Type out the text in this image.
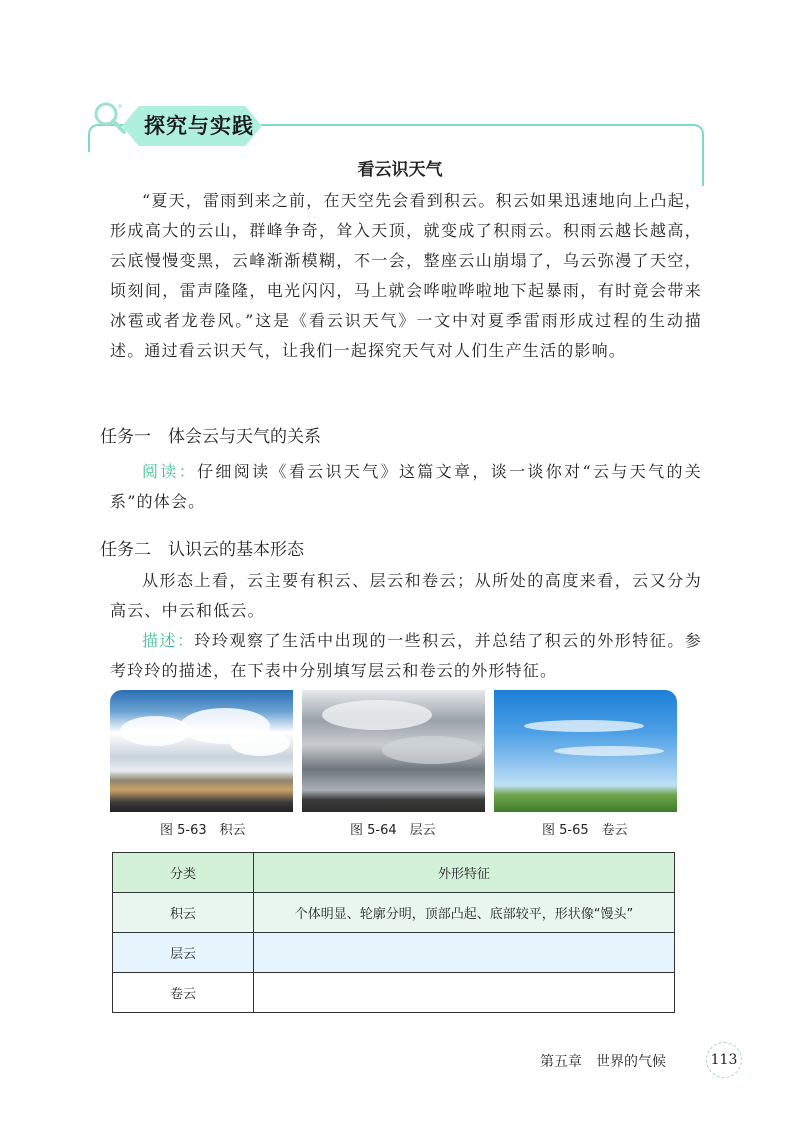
探究与实践
看云识天气
“夏天，雷雨到来之前，在天空先会看到积云。积云如果迅速地向上凸起，形成高大的云山，群峰争奇，耸入天顶，就变成了积雨云。积雨云越长越高，云底慢慢变黑，云峰渐渐模糊，不一会，整座云山崩塌了，乌云弥漫了天空，顷刻间，雷声隆隆，电光闪闪，马上就会哗啦哗啦地下起暴雨，有时竟会带来冰雹或者龙卷风。”这是《看云识天气》一文中对夏季雷雨形成过程的生动描述。通过看云识天气，让我们一起探究天气对人们生产生活的影响。
任务一　体会云与天气的关系
阅读：仔细阅读《看云识天气》这篇文章，谈一谈你对“云与天气的关系”的体会。
任务二　认识云的基本形态
从形态上看，云主要有积云、层云和卷云；从所处的高度来看，云又分为高云、中云和低云。
描述：玲玲观察了生活中出现的一些积云，并总结了积云的外形特征。参考玲玲的描述，在下表中分别填写层云和卷云的外形特征。
图 5-63　积云	图 5-64　层云	图 5-65　卷云
分类	外形特征
积云	个体明显、轮廓分明，顶部凸起、底部较平，形状像“馒头”
层云	
卷云	
第五章　世界的气候	113
